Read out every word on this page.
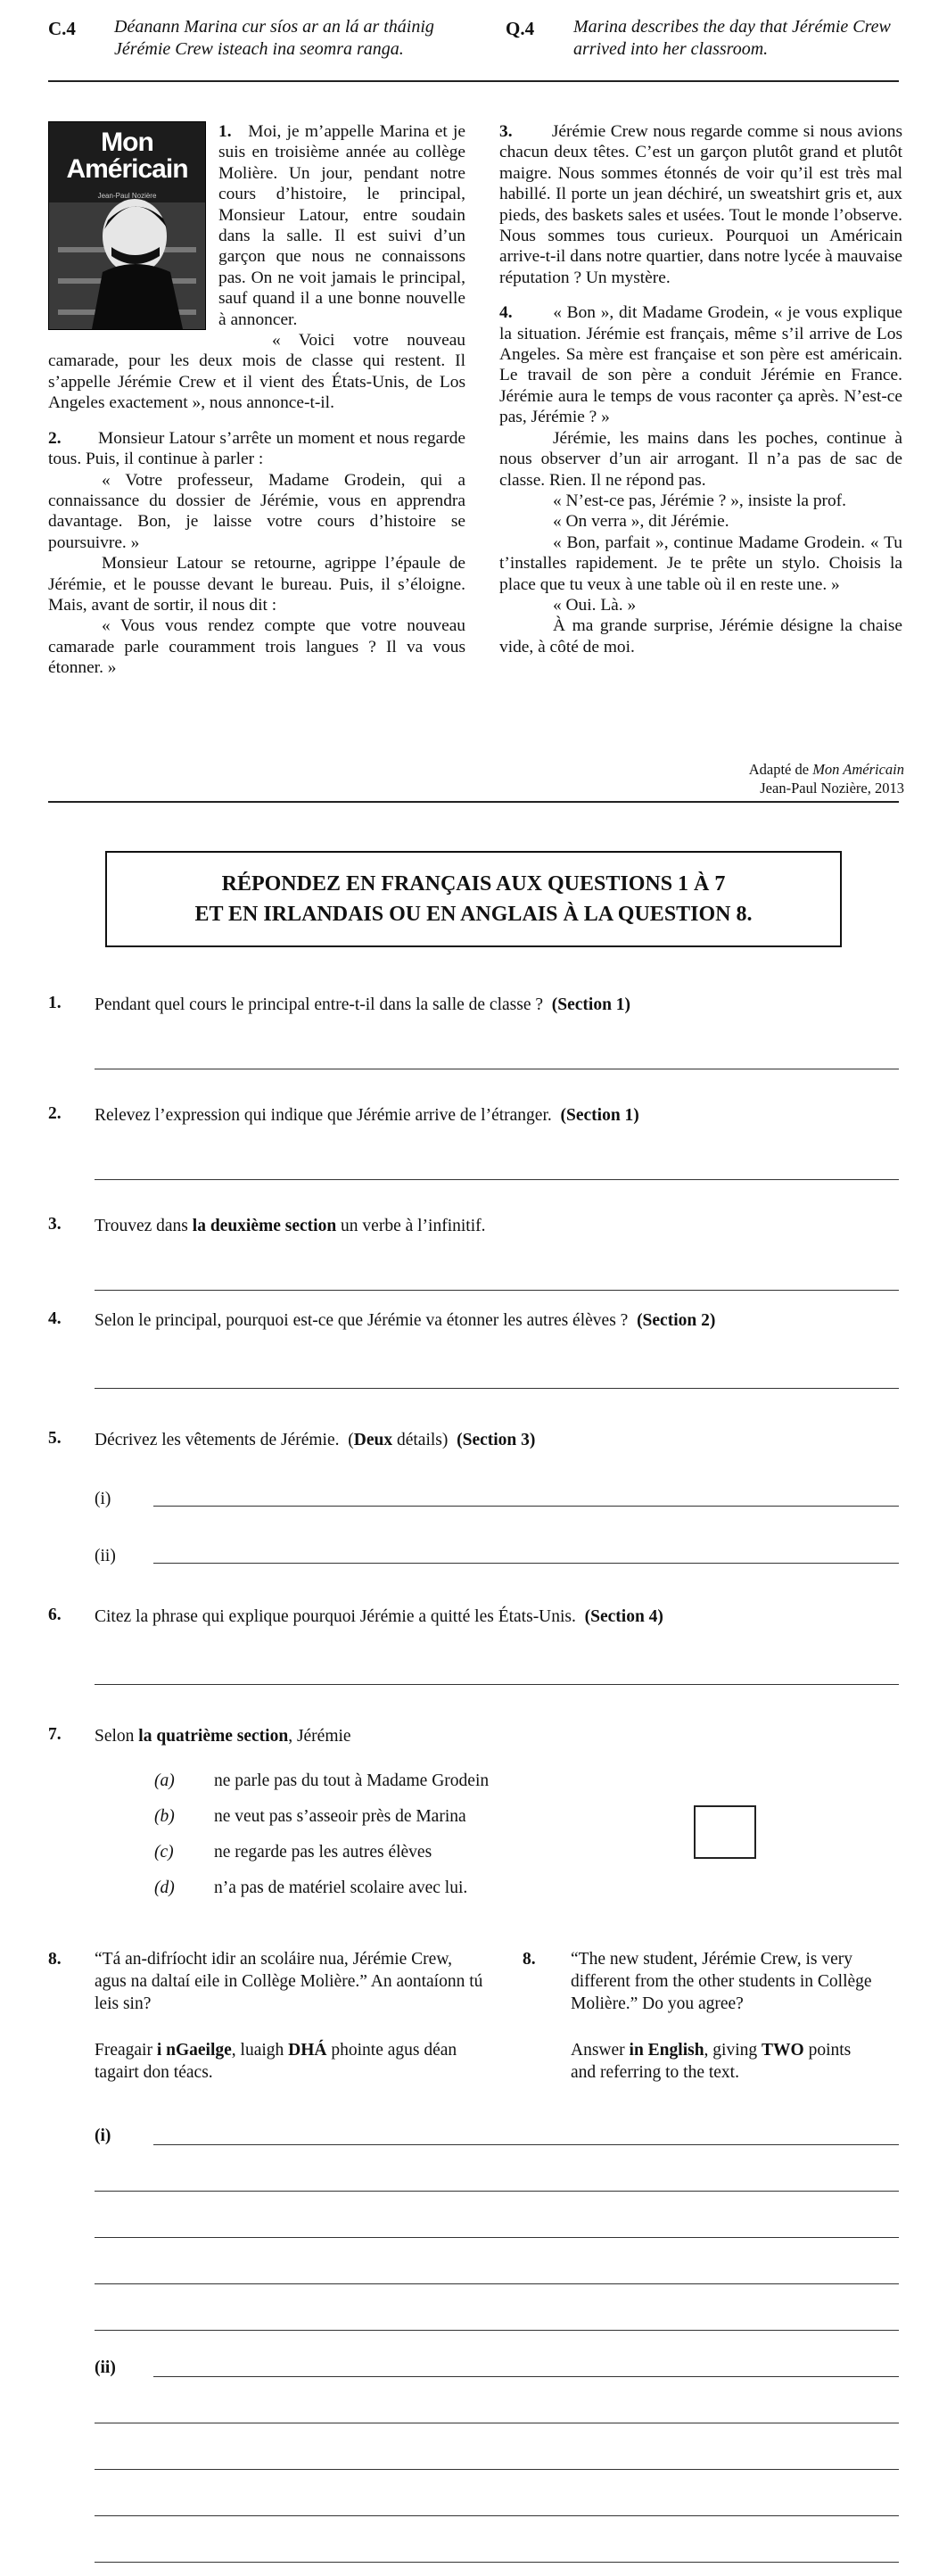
C.4 Déanann Marina cur síos ar an lá ar tháinig Jérémie Crew isteach ina seomra ranga.
Q.4 Marina describes the day that Jérémie Crew arrived into her classroom.
Mon Américain
Jean-Paul Nozière

1. Moi, je m’appelle Marina et je suis en troisième année au collège Molière. Un jour, pendant notre cours d’histoire, le principal, Monsieur Latour, entre soudain dans la salle. Il est suivi d’un garçon que nous ne connaissons pas. On ne voit jamais le principal, sauf quand il a une bonne nouvelle à annoncer.

« Voici votre nouveau camarade, pour les deux mois de classe qui restent. Il s’appelle Jérémie Crew et il vient des États-Unis, de Los Angeles exactement », nous annonce-t-il.

2. Monsieur Latour s’arrête un moment et nous regarde tous. Puis, il continue à parler :

« Votre professeur, Madame Grodein, qui a connaissance du dossier de Jérémie, vous en apprendra davantage. Bon, je laisse votre cours d’histoire se poursuivre. »

Monsieur Latour se retourne, agrippe l’épaule de Jérémie, et le pousse devant le bureau. Puis, il s’éloigne. Mais, avant de sortir, il nous dit :

« Vous vous rendez compte que votre nouveau camarade parle couramment trois langues ? Il va vous étonner. »

3. Jérémie Crew nous regarde comme si nous avions chacun deux têtes. C’est un garçon plutôt grand et plutôt maigre. Nous sommes étonnés de voir qu’il est très mal habillé. Il porte un jean déchiré, un sweatshirt gris et, aux pieds, des baskets sales et usées. Tout le monde l’observe. Nous sommes tous curieux. Pourquoi un Américain arrive-t-il dans notre quartier, dans notre lycée à mauvaise réputation ? Un mystère.

4. « Bon », dit Madame Grodein, « je vous explique la situation. Jérémie est français, même s’il arrive de Los Angeles. Sa mère est française et son père est américain. Le travail de son père a conduit Jérémie en France. Jérémie aura le temps de vous raconter ça après. N’est-ce pas, Jérémie ? »

Jérémie, les mains dans les poches, continue à nous observer d’un air arrogant. Il n’a pas de sac de classe. Rien. Il ne répond pas.

« N’est-ce pas, Jérémie ? », insiste la prof.

« On verra », dit Jérémie.

« Bon, parfait », continue Madame Grodein. « Tu t’installes rapidement. Je te prête un stylo. Choisis la place que tu veux à une table où il en reste une. »

« Oui. Là. »

À ma grande surprise, Jérémie désigne la chaise vide, à côté de moi.

Adapté de Mon Américain
Jean-Paul Nozière, 2013
RÉPONDEZ EN FRANÇAIS AUX QUESTIONS 1 À 7
ET EN IRLANDAIS OU EN ANGLAIS À LA QUESTION 8.
1. Pendant quel cours le principal entre-t-il dans la salle de classe ? (Section 1)
2. Relevez l’expression qui indique que Jérémie arrive de l’étranger. (Section 1)
3. Trouvez dans la deuxième section un verbe à l’infinitif.
4. Selon le principal, pourquoi est-ce que Jérémie va étonner les autres élèves ? (Section 2)
5. Décrivez les vêtements de Jérémie. (Deux détails) (Section 3)
(i)
(ii)
6. Citez la phrase qui explique pourquoi Jérémie a quitté les États-Unis. (Section 4)
7. Selon la quatrième section, Jérémie
(a) ne parle pas du tout à Madame Grodein
(b) ne veut pas s’asseoir près de Marina
(c) ne regarde pas les autres élèves
(d) n’a pas de matériel scolaire avec lui.
8. “Tá an-difríocht idir an scoláire nua, Jérémie Crew, agus na daltaí eile in Collège Molière.” An aontaíonn tú leis sin?
Freagair i nGaeilge, luaigh DHÁ phointe agus déan tagairt don téacs.
8. “The new student, Jérémie Crew, is very different from the other students in Collège Molière.” Do you agree?
Answer in English, giving TWO points and referring to the text.
(i)
(ii)
